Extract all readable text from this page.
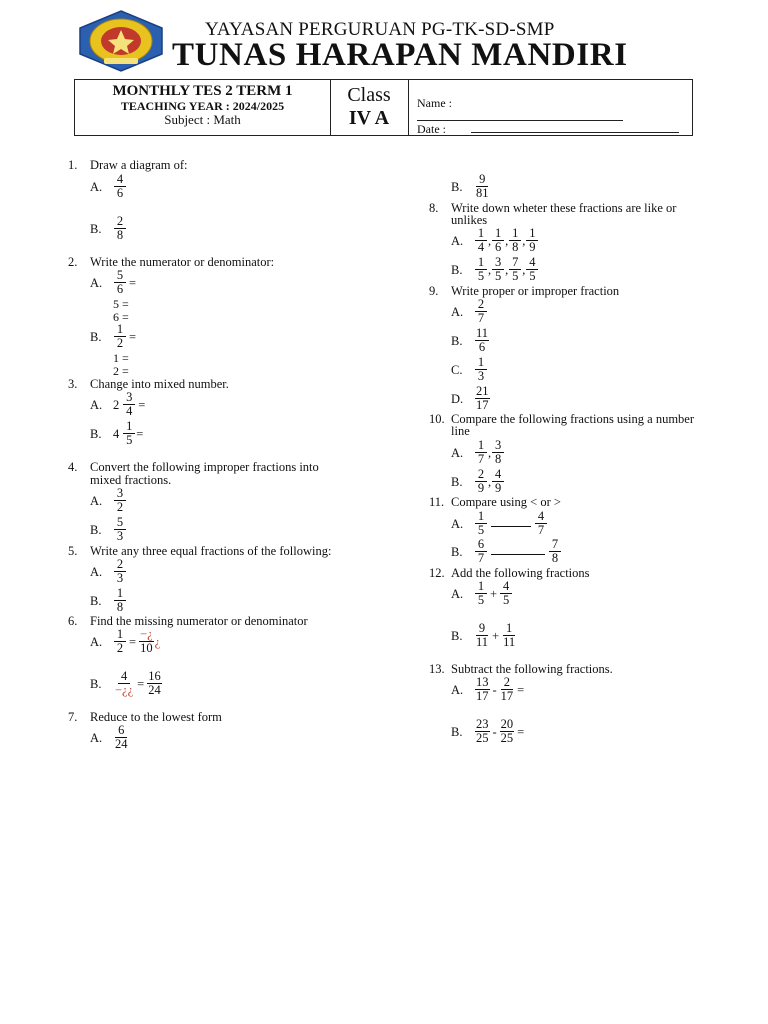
YAYASAN PERGURUAN PG-TK-SD-SMP
TUNAS HARAPAN MANDIRI
MONTHLY TES 2 TERM 1
TEACHING YEAR : 2024/2025
Subject : Math
Class
IV A
Name :
Date :
1. Draw a diagram of:
A. $\frac{4}{6}$
B.	$\frac{2}{8}$
2. Write the numerator or denominator:
A. $\frac{5}{6}$ =
5 =
6 =
B.	$\frac{1}{2}$ =
1 =
2 =
3. Change into mixed number.
A. $2 \frac{3}{4}$ =
B. $4 \frac{1}{5}$ =
4. Convert the following improper fractions into
mixed fractions.
A. $\frac{3}{2}$
B.	$\frac{5}{3}$
5. Write any three equal fractions of the following:
A. $\frac{2}{3}$
B.	$\frac{1}{8}$
6. Find the missing numerator or denominator
A. $\frac{1}{2} = \frac{-¿}{10}$ ¿
B.	$\frac{4}{-¿¿} = \frac{16}{24}$
7. Reduce to the lowest form
A. $\frac{6}{24}$
B.	$\frac{9}{81}$
8. Write down wheter these fractions are like or
unlikes
A. $\frac{1}{4}$ , $\frac{1}{6}$ , $\frac{1}{8}$ , $\frac{1}{9}$
B.	$\frac{1}{5}$ , $\frac{3}{5}$ , $\frac{7}{5}$ , $\frac{4}{5}$
9. Write proper or improper fraction
A. $\frac{2}{7}$
B.	$\frac{11}{6}$
C.	$\frac{1}{3}$
D. $\frac{21}{17}$
10. Compare the following fractions using a number
line
A. $\frac{1}{7}$ , $\frac{3}{8}$
B.	$\frac{2}{9}$ , $\frac{4}{9}$
11. Compare using < or >
A. $\frac{1}{5}$	$\frac{4}{7}$
B.	$\frac{6}{7}$	$\frac{7}{8}$
12. Add the following fractions
A. $\frac{1}{5} + \frac{4}{5}$
B.	$\frac{9}{11} + \frac{1}{11}$
13. Subtract the following fractions.
A. $\frac{13}{17} - \frac{2}{17}$ =
B.	$\frac{23}{25} - \frac{20}{25}$ =
